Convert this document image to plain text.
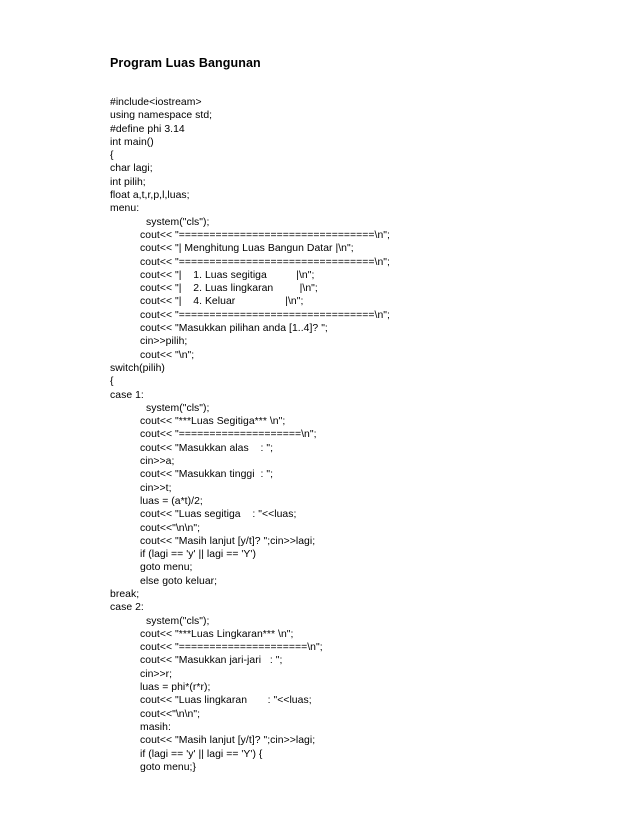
Program Luas Bangunan
#include<iostream>
using namespace std;
#define phi 3.14
int main()
{
char lagi;
int pilih;
float a,t,r,p,l,luas;
menu:
system("cls");
cout<< "================================\n";
cout<< "| Menghitung Luas Bangun Datar |\n";
cout<< "================================\n";
cout<< "|    1. Luas segitiga          |\n";
cout<< "|    2. Luas lingkaran         |\n";
cout<< "|    4. Keluar                 |\n";
cout<< "================================\n";
cout<< "Masukkan pilihan anda [1..4]? ";
cin>>pilih;
cout<< "\n";
switch(pilih)
{
case 1:
system("cls");
cout<< "***Luas Segitiga*** \n";
cout<< "====================\n";
cout<< "Masukkan alas    : ";
cin>>a;
cout<< "Masukkan tinggi  : ";
cin>>t;
luas = (a*t)/2;
cout<< "Luas segitiga    : "<<luas;
cout<<"\n\n";
cout<< "Masih lanjut [y/t]? ";cin>>lagi;
if (lagi == 'y' || lagi == 'Y')
goto menu;
else goto keluar;
break;
case 2:
system("cls");
cout<< "***Luas Lingkaran*** \n";
cout<< "=====================\n";
cout<< "Masukkan jari-jari   : ";
cin>>r;
luas = phi*(r*r);
cout<< "Luas lingkaran       : "<<luas;
cout<<"\n\n";
masih:
cout<< "Masih lanjut [y/t]? ";cin>>lagi;
if (lagi == 'y' || lagi == 'Y') {
goto menu;}
